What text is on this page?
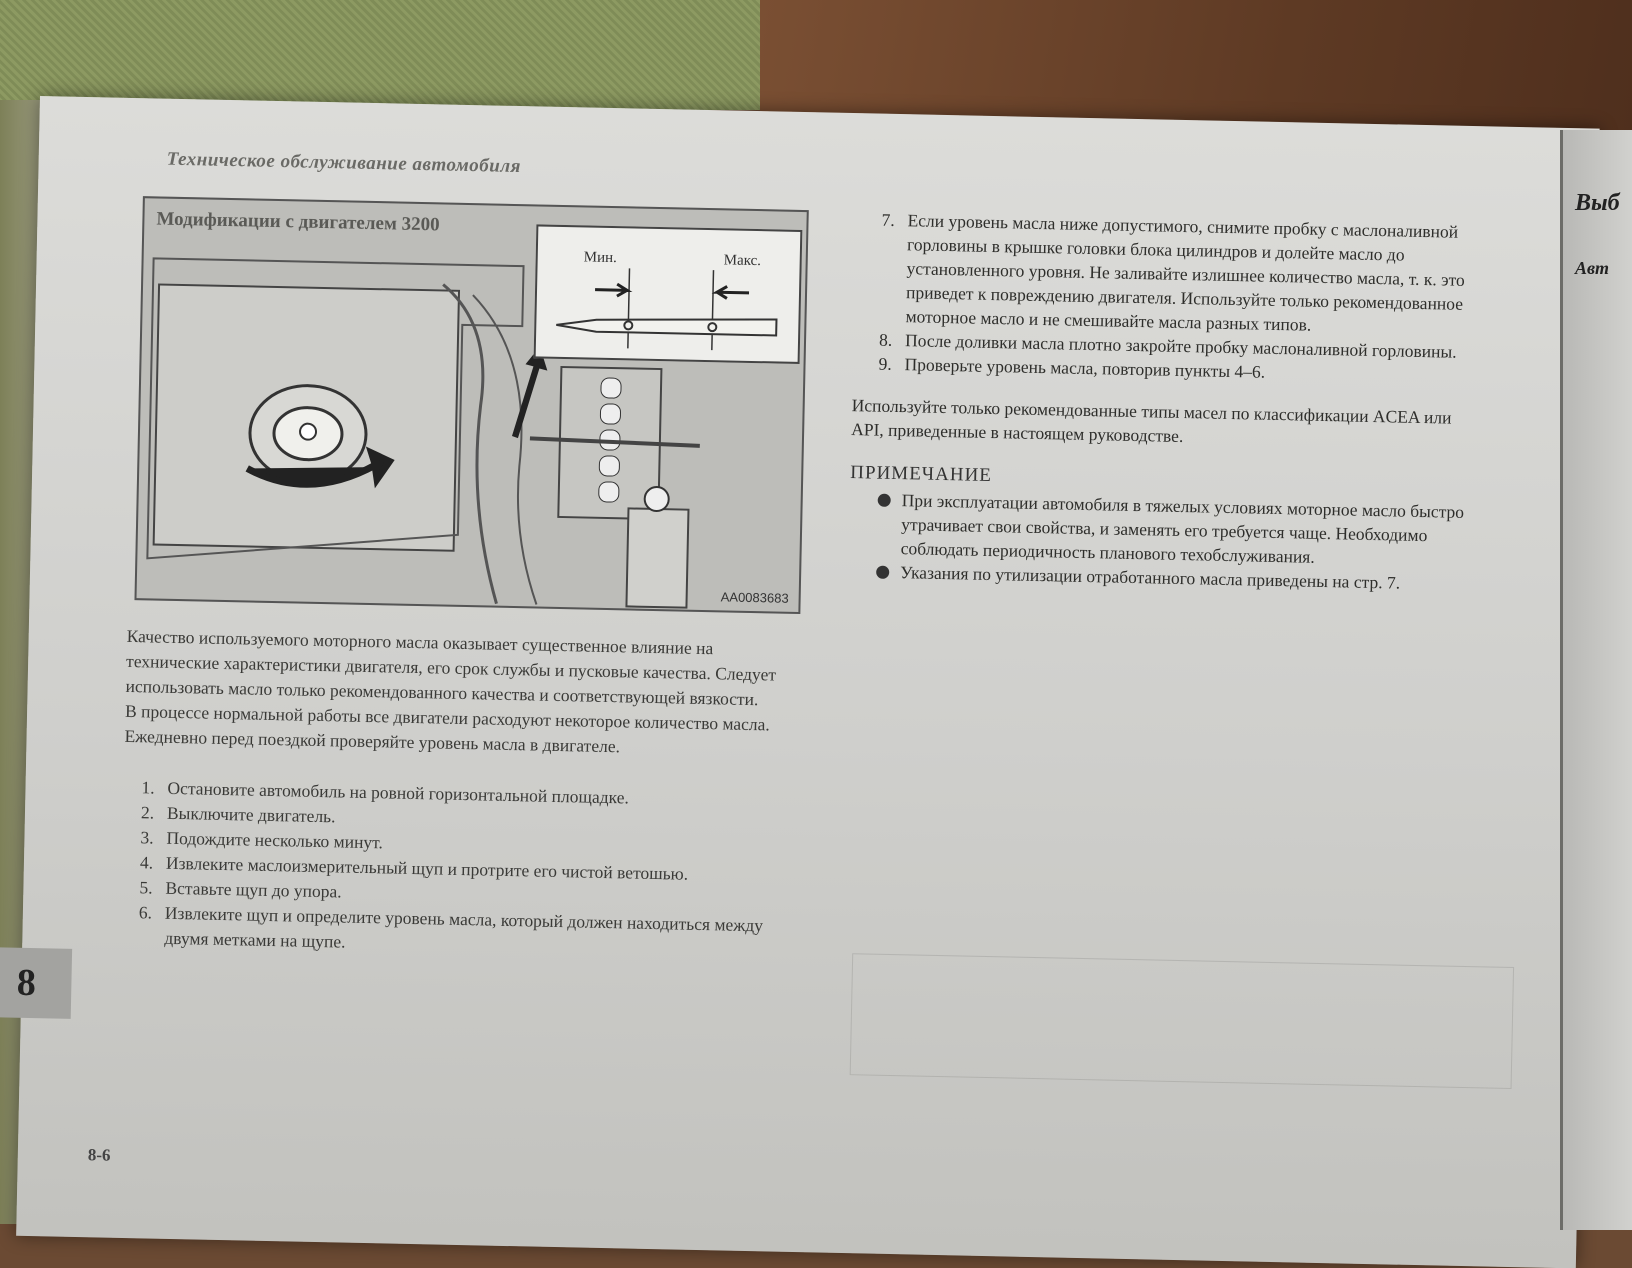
Техническое обслуживание автомобиля
Модификации с двигателем 3200
Мин.	Макс.
AA0083683

Качество используемого моторного масла оказывает существенное влияние на технические характеристики двигателя, его срок службы и пусковые качества. Следует использовать масло только рекомендованного качества и соответствующей вязкости.

В процессе нормальной работы все двигатели расходуют некоторое количество масла. Ежедневно перед поездкой проверяйте уровень масла в двигателе.

1. Остановите автомобиль на ровной горизонтальной площадке.
2. Выключите двигатель.
3. Подождите несколько минут.
4. Извлеките маслоизмерительный щуп и протрите его чистой ветошью.
5. Вставьте щуп до упора.
6. Извлеките щуп и определите уровень масла, который должен находиться между двумя метками на щупе.
7. Если уровень масла ниже допустимого, снимите пробку с маслоналивной горловины в крышке головки блока цилиндров и долейте масло до установленного уровня. Не заливайте излишнее количество масла, т. к. это приведет к повреждению двигателя. Используйте только рекомендованное моторное масло и не смешивайте масла разных типов.
8. После доливки масла плотно закройте пробку маслоналивной горловины.
9. Проверьте уровень масла, повторив пункты 4–6.

Используйте только рекомендованные типы масел по классификации ACEA или API, приведенные в настоящем руководстве.

ПРИМЕЧАНИЕ
При эксплуатации автомобиля в тяжелых условиях моторное масло быстро утрачивает свои свойства, и заменять его требуется чаще. Необходимо соблюдать периодичность планового техобслуживания.
Указания по утилизации отработанного масла приведены на стр. 7.
8
8-6
Выб
Авт
